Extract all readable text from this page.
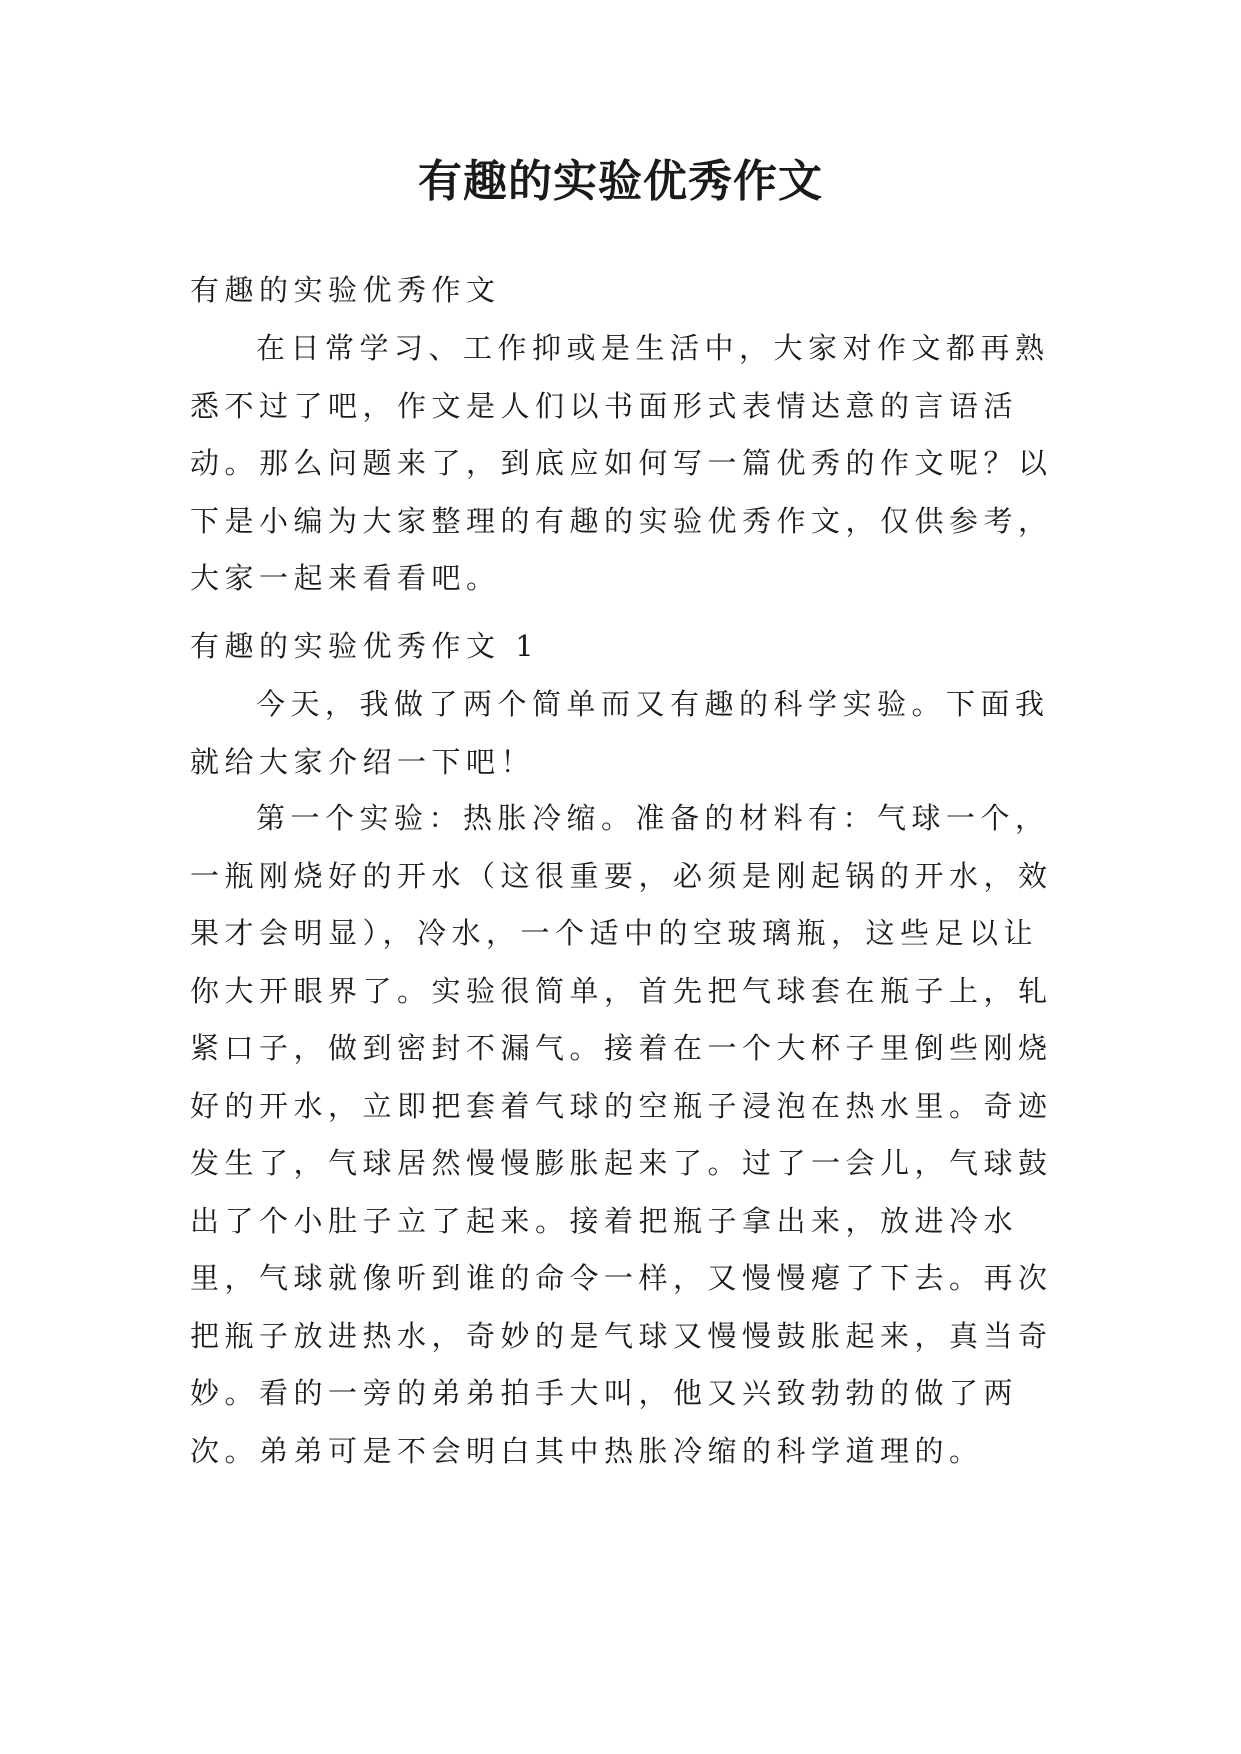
有趣的实验优秀作文

有趣的实验优秀作文

在日常学习、工作抑或是生活中，大家对作文都再熟悉不过了吧，作文是人们以书面形式表情达意的言语活动。那么问题来了，到底应如何写一篇优秀的作文呢？以下是小编为大家整理的有趣的实验优秀作文，仅供参考，大家一起来看看吧。

有趣的实验优秀作文 1

今天，我做了两个简单而又有趣的科学实验。下面我就给大家介绍一下吧！

第一个实验：热胀冷缩。准备的材料有：气球一个，一瓶刚烧好的开水（这很重要，必须是刚起锅的开水，效果才会明显），冷水，一个适中的空玻璃瓶，这些足以让你大开眼界了。实验很简单，首先把气球套在瓶子上，轧紧口子，做到密封不漏气。接着在一个大杯子里倒些刚烧好的开水，立即把套着气球的空瓶子浸泡在热水里。奇迹发生了，气球居然慢慢膨胀起来了。过了一会儿，气球鼓出了个小肚子立了起来。接着把瓶子拿出来，放进冷水里，气球就像听到谁的命令一样，又慢慢瘪了下去。再次把瓶子放进热水，奇妙的是气球又慢慢鼓胀起来，真当奇妙。看的一旁的弟弟拍手大叫，他又兴致勃勃的做了两次。弟弟可是不会明白其中热胀冷缩的科学道理的。
